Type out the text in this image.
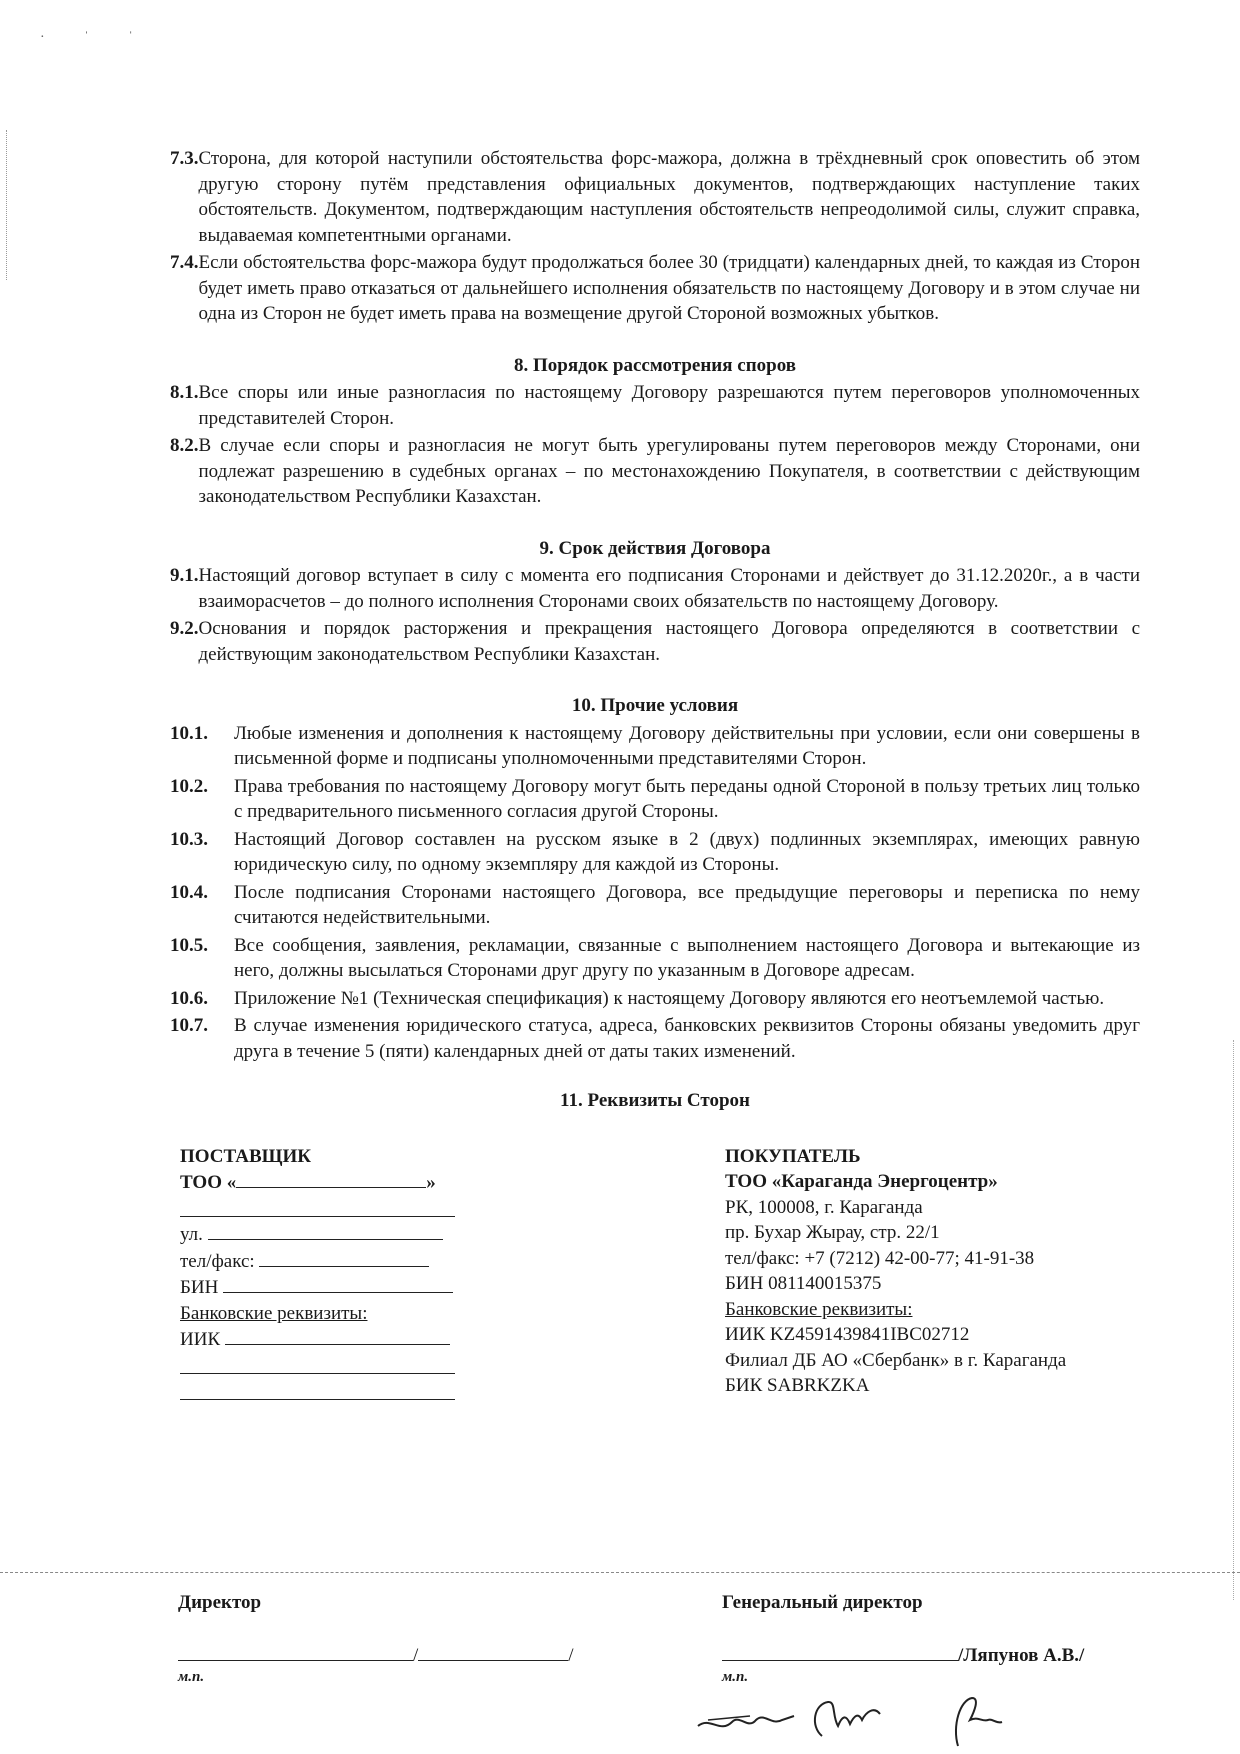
· ˈ ˈ
7.3. Сторона, для которой наступили обстоятельства форс-мажора, должна в трёхдневный срок оповестить об этом другую сторону путём представления официальных документов, подтверждающих наступление таких обстоятельств. Документом, подтверждающим наступления обстоятельств непреодолимой силы, служит справка, выдаваемая компетентными органами.
7.4. Если обстоятельства форс-мажора будут продолжаться более 30 (тридцати) календарных дней, то каждая из Сторон будет иметь право отказаться от дальнейшего исполнения обязательств по настоящему Договору и в этом случае ни одна из Сторон не будет иметь права на возмещение другой Стороной возможных убытков.
8. Порядок рассмотрения споров
8.1. Все споры или иные разногласия по настоящему Договору разрешаются путем переговоров уполномоченных представителей Сторон.
8.2. В случае если споры и разногласия не могут быть урегулированы путем переговоров между Сторонами, они подлежат разрешению в судебных органах – по местонахождению Покупателя, в соответствии с действующим законодательством Республики Казахстан.
9. Срок действия Договора
9.1. Настоящий договор вступает в силу с момента его подписания Сторонами и действует до 31.12.2020г., а в части взаиморасчетов – до полного исполнения Сторонами своих обязательств по настоящему Договору.
9.2. Основания и порядок расторжения и прекращения настоящего Договора определяются в соответствии с действующим законодательством Республики Казахстан.
10. Прочие условия
10.1.	Любые изменения и дополнения к настоящему Договору действительны при условии, если они совершены в письменной форме и подписаны уполномоченными представителями Сторон.
10.2.	Права требования по настоящему Договору могут быть переданы одной Стороной в пользу третьих лиц только с предварительного письменного согласия другой Стороны.
10.3.	Настоящий Договор составлен на русском языке в 2 (двух) подлинных экземплярах, имеющих равную юридическую силу, по одному экземпляру для каждой из Стороны.
10.4.	После подписания Сторонами настоящего Договора, все предыдущие переговоры и переписка по нему считаются недействительными.
10.5.	Все сообщения, заявления, рекламации, связанные с выполнением настоящего Договора и вытекающие из него, должны высылаться Сторонами друг другу по указанным в Договоре адресам.
10.6.	Приложение №1 (Техническая спецификация) к настоящему Договору являются его неотъемлемой частью.
10.7.	В случае изменения юридического статуса, адреса, банковских реквизитов Стороны обязаны уведомить друг друга в течение 5 (пяти) календарных дней от даты таких изменений.
11. Реквизиты Сторон
ПОСТАВЩИК
ТОО «	»
ул.
тел/факс:
БИН
Банковские реквизиты:
ИИК
ПОКУПАТЕЛЬ
ТОО «Караганда Энергоцентр»
РК, 100008, г. Караганда
пр. Бухар Жырау, стр. 22/1
тел/факс: +7 (7212) 42-00-77; 41-91-38
БИН 081140015375
Банковские реквизиты:
ИИК KZ4591439841IBC02712
Филиал ДБ АО «Сбербанк» в г. Караганда
БИК SABRKZKA
Директор
/	/
м.п.
Генеральный директор
/Ляпунов А.В./
м.п.
